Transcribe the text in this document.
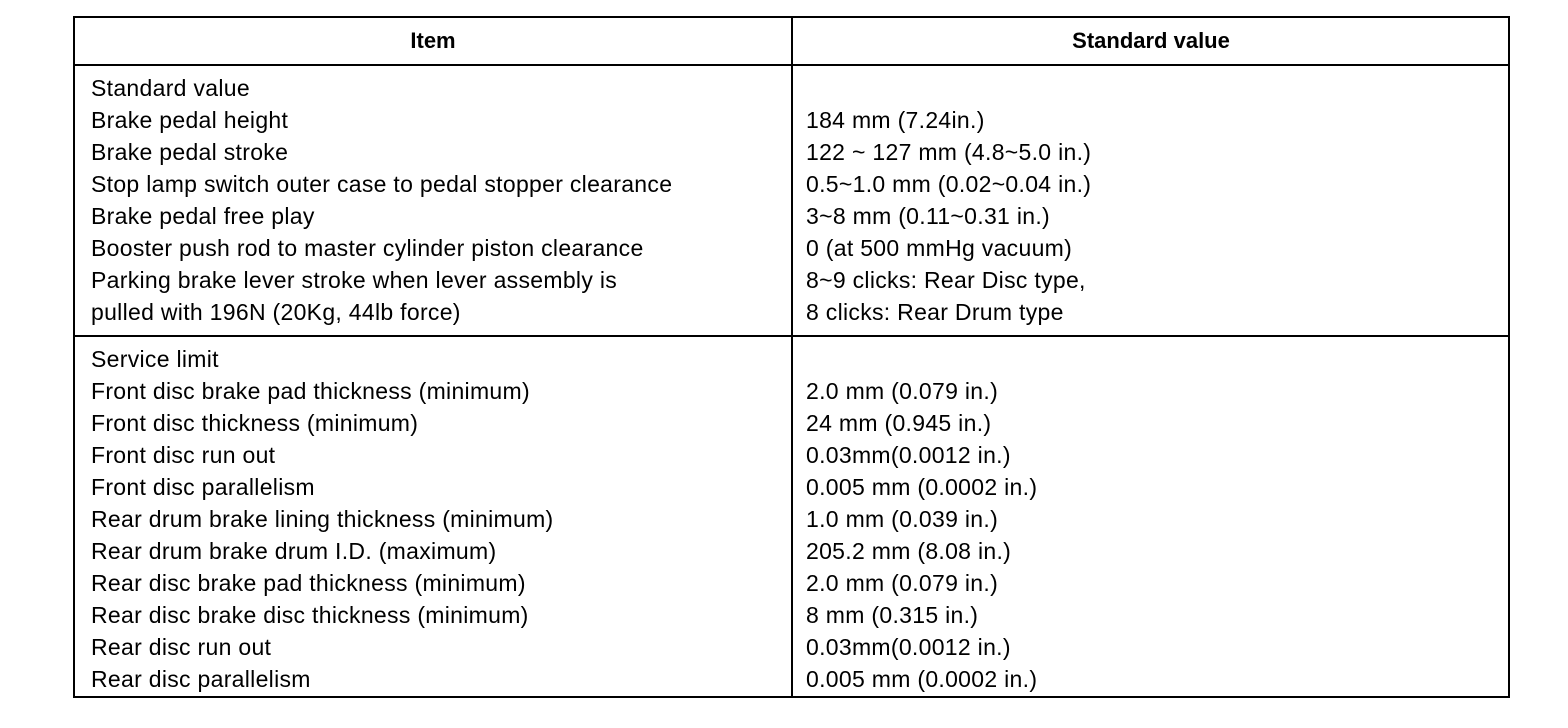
Item	Standard value
Standard value
Brake pedal height
Brake pedal stroke
Stop lamp switch outer case to pedal stopper clearance
Brake pedal free play
Booster push rod to master cylinder piston clearance
Parking brake lever stroke when lever assembly is
pulled with 196N (20Kg, 44lb force)
184 mm (7.24in.)
122 ~ 127 mm (4.8~5.0 in.)
0.5~1.0 mm (0.02~0.04 in.)
3~8 mm (0.11~0.31 in.)
0 (at 500 mmHg vacuum)
8~9 clicks: Rear Disc type,
8 clicks: Rear Drum type
Service limit
Front disc brake pad thickness (minimum)
Front disc thickness (minimum)
Front disc run out
Front disc parallelism
Rear drum brake lining thickness (minimum)
Rear drum brake drum I.D. (maximum)
Rear disc brake pad thickness (minimum)
Rear disc brake disc thickness (minimum)
Rear disc run out
Rear disc parallelism
2.0 mm (0.079 in.)
24 mm (0.945 in.)
0.03mm(0.0012 in.)
0.005 mm (0.0002 in.)
1.0 mm (0.039 in.)
205.2 mm (8.08 in.)
2.0 mm (0.079 in.)
8 mm (0.315 in.)
0.03mm(0.0012 in.)
0.005 mm (0.0002 in.)
